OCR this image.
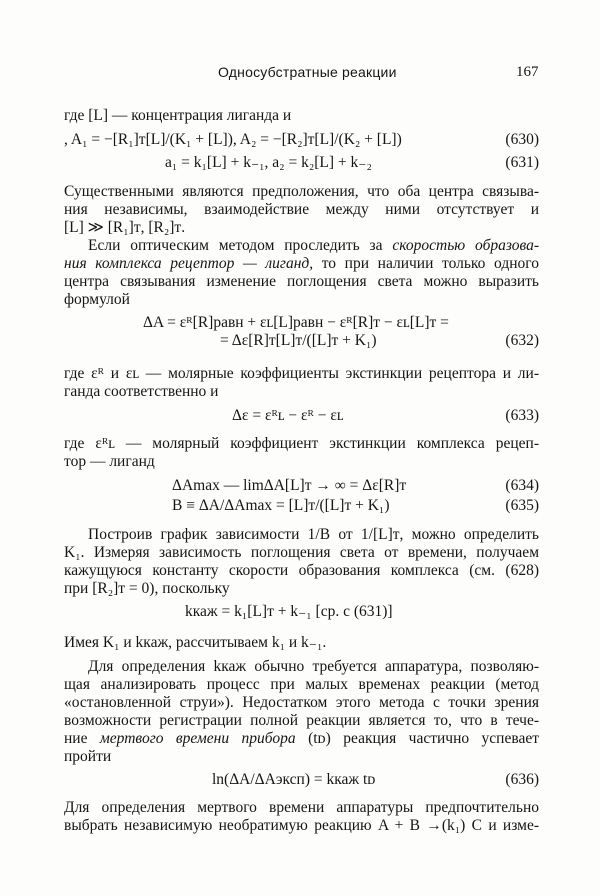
Односубстратные реакции	167
где [L] — концентрация лиганда и
, A₁ = −[R₁]ᴛ[L]/(K₁ + [L]), A₂ = −[R₂]ᴛ[L]/(K₂ + [L])	(630)
a₁ = k₁[L] + k₋₁, a₂ = k₂[L] + k₋₂	(631)
Существенными являются предположения, что оба центра связыва-
ния независимы, взаимодействие между ними отсутствует и
[L] ≫ [R₁]ᴛ, [R₂]ᴛ.
Если оптическим методом проследить за скоростью образова-
ния комплекса рецептор — лиганд, то при наличии только одного
центра связывания изменение поглощения света можно выразить
формулой
ΔA = εᴿ[R]равн + εʟ[L]равн − εᴿ[R]ᴛ − εʟ[L]ᴛ =
= Δε[R]ᴛ[L]ᴛ/([L]ᴛ + K₁)	(632)
где εᴿ и εʟ — молярные коэффициенты экстинкции рецептора и ли-
ганда соответственно и
Δε = εᴿʟ − εᴿ − εʟ	(633)
где εᴿʟ — молярный коэффициент экстинкции комплекса рецеп-
тор — лиганд
ΔAmax — limΔA[L]ᴛ → ∞ = Δε[R]ᴛ	(634)
B ≡ ΔA/ΔAmax = [L]ᴛ/([L]ᴛ + K₁)	(635)
Построив график зависимости 1/B от 1/[L]ᴛ, можно определить
K₁. Измеряя зависимость поглощения света от времени, получаем
кажущуюся константу скорости образования комплекса (см. (628)
при [R₂]ᴛ = 0), поскольку
kкаж = k₁[L]ᴛ + k₋₁ [ср. с (631)]
Имея K₁ и kкаж, рассчитываем k₁ и k₋₁.
Для определения kкаж обычно требуется аппаратура, позволяю-
щая анализировать процесс при малых временах реакции (метод
«остановленной струи»). Недостатком этого метода с точки зрения
возможности регистрации полной реакции является то, что в тече-
ние мертвого времени прибора (tᴅ) реакция частично успевает
пройти
ln(ΔA/ΔAэксп) = kкаж tᴅ	(636)
Для определения мертвого времени аппаратуры предпочтительно
выбрать независимую необратимую реакцию A + B →(k₁) C и изме-
